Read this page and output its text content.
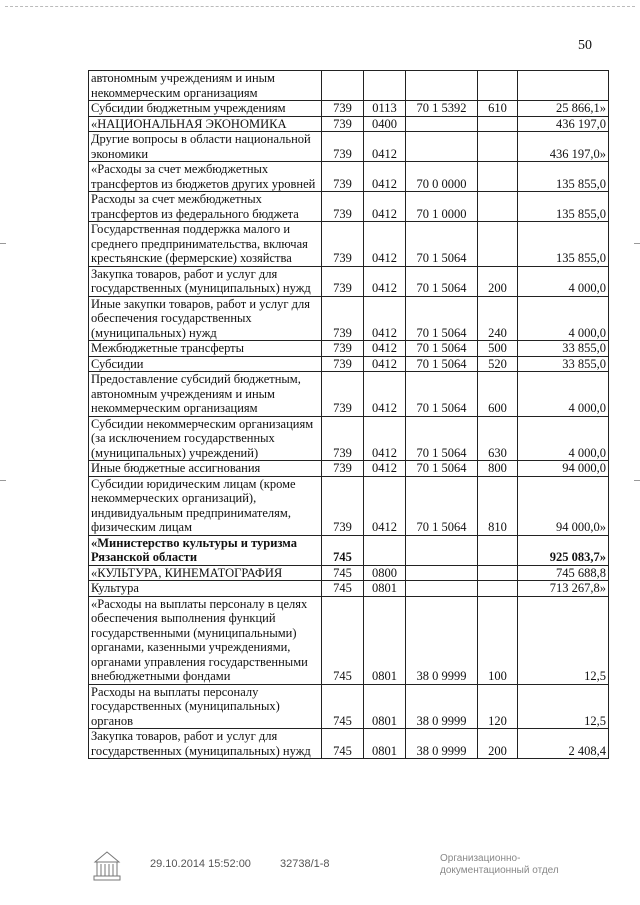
50
автономным учреждениям и иным некоммерческим организациям					
Субсидии бюджетным учреждениям	739	0113	70 1 5392	610	25 866,1»
«НАЦИОНАЛЬНАЯ ЭКОНОМИКА	739	0400			436 197,0
Другие вопросы в области национальной экономики	739	0412			436 197,0»
«Расходы за счет межбюджетных трансфертов из бюджетов других уровней	739	0412	70 0 0000		135 855,0
Расходы за счет межбюджетных трансфертов из федерального бюджета	739	0412	70 1 0000		135 855,0
Государственная поддержка малого и среднего предпринимательства, включая крестьянские (фермерские) хозяйства	739	0412	70 1 5064		135 855,0
Закупка товаров, работ и услуг для государственных (муниципальных) нужд	739	0412	70 1 5064	200	4 000,0
Иные закупки товаров, работ и услуг для обеспечения государственных (муниципальных) нужд	739	0412	70 1 5064	240	4 000,0
Межбюджетные трансферты	739	0412	70 1 5064	500	33 855,0
Субсидии	739	0412	70 1 5064	520	33 855,0
Предоставление субсидий бюджетным, автономным учреждениям и иным некоммерческим организациям	739	0412	70 1 5064	600	4 000,0
Субсидии некоммерческим организациям (за исключением государственных (муниципальных) учреждений)	739	0412	70 1 5064	630	4 000,0
Иные бюджетные ассигнования	739	0412	70 1 5064	800	94 000,0
Субсидии юридическим лицам (кроме некоммерческих организаций), индивидуальным предпринимателям, физическим лицам	739	0412	70 1 5064	810	94 000,0»
«Министерство культуры и туризма Рязанской области	745				925 083,7»
«КУЛЬТУРА, КИНЕМАТОГРАФИЯ	745	0800			745 688,8
Культура	745	0801			713 267,8»
«Расходы на выплаты персоналу в целях обеспечения выполнения функций государственными (муниципальными) органами, казенными учреждениями, органами управления государственными внебюджетными фондами	745	0801	38 0 9999	100	12,5
Расходы на выплаты персоналу государственных (муниципальных) органов	745	0801	38 0 9999	120	12,5
Закупка товаров, работ и услуг для государственных (муниципальных) нужд	745	0801	38 0 9999	200	2 408,4
29.10.2014 15:52:00	32738/1-8	Организационно-
документационный отдел
